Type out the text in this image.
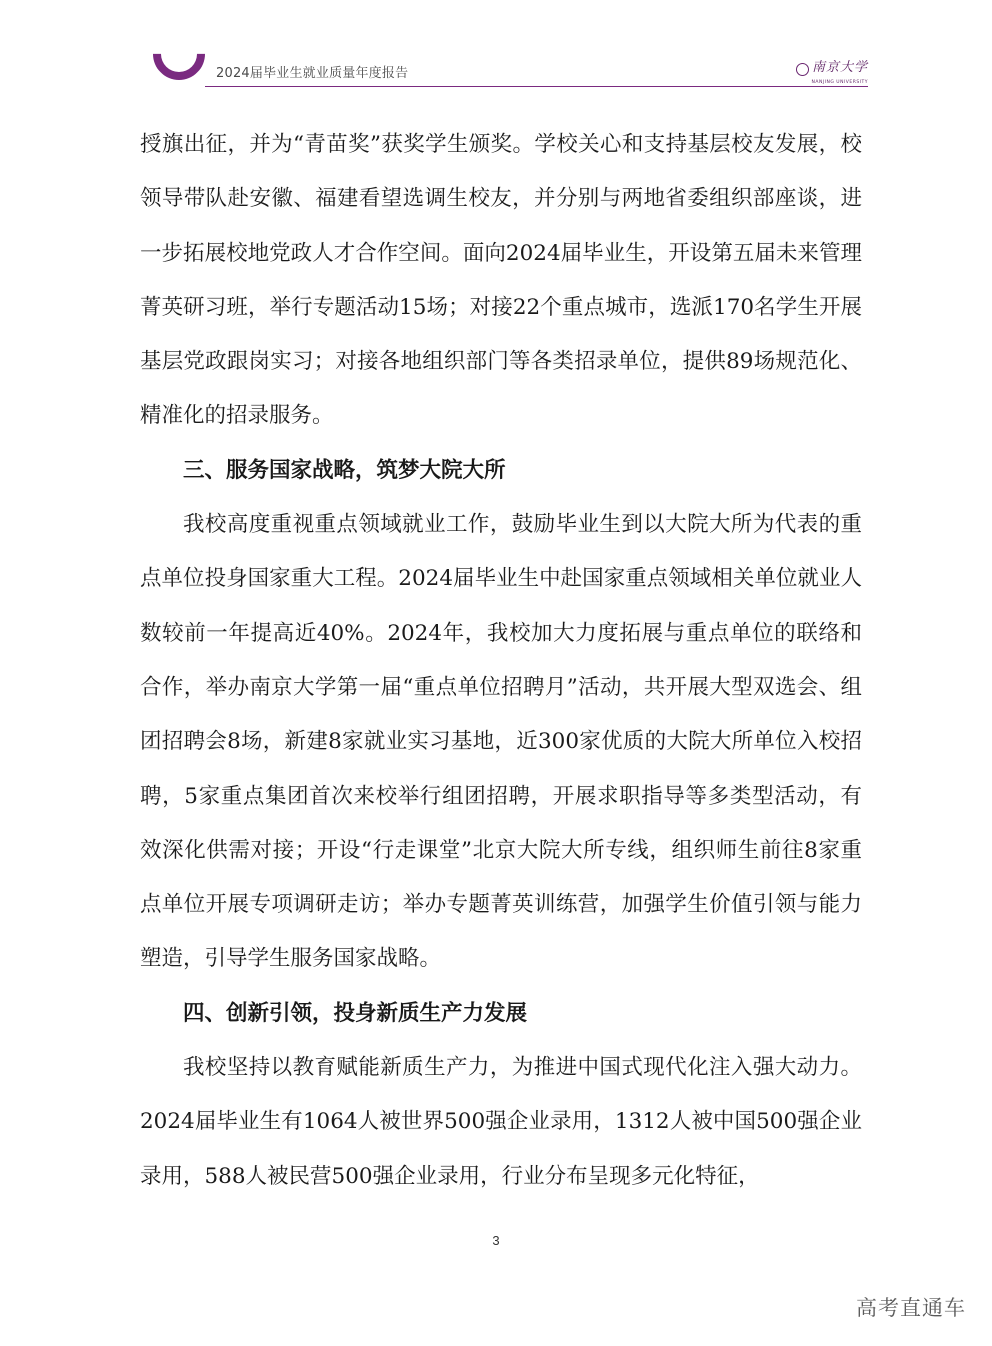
2024届毕业生就业质量年度报告	南京大学
NANJING UNIVERSITY

授旗出征，并为“青苗奖”获奖学生颁奖。学校关心和支持基层校友发展，校领导带队赴安徽、福建看望选调生校友，并分别与两地省委组织部座谈，进一步拓展校地党政人才合作空间。面向2024届毕业生，开设第五届未来管理菁英研习班，举行专题活动15场；对接22个重点城市，选派170名学生开展基层党政跟岗实习；对接各地组织部门等各类招录单位，提供89场规范化、精准化的招录服务。

三、服务国家战略，筑梦大院大所

我校高度重视重点领域就业工作，鼓励毕业生到以大院大所为代表的重点单位投身国家重大工程。2024届毕业生中赴国家重点领域相关单位就业人数较前一年提高近40%。2024年，我校加大力度拓展与重点单位的联络和合作，举办南京大学第一届“重点单位招聘月”活动，共开展大型双选会、组团招聘会8场，新建8家就业实习基地，近300家优质的大院大所单位入校招聘，5家重点集团首次来校举行组团招聘，开展求职指导等多类型活动，有效深化供需对接；开设“行走课堂”北京大院大所专线，组织师生前往8家重点单位开展专项调研走访；举办专题菁英训练营，加强学生价值引领与能力塑造，引导学生服务国家战略。

四、创新引领，投身新质生产力发展

我校坚持以教育赋能新质生产力，为推进中国式现代化注入强大动力。2024届毕业生有1064人被世界500强企业录用，1312人被中国500强企业录用，588人被民营500强企业录用，行业分布呈现多元化特征，

3
高考直通车
